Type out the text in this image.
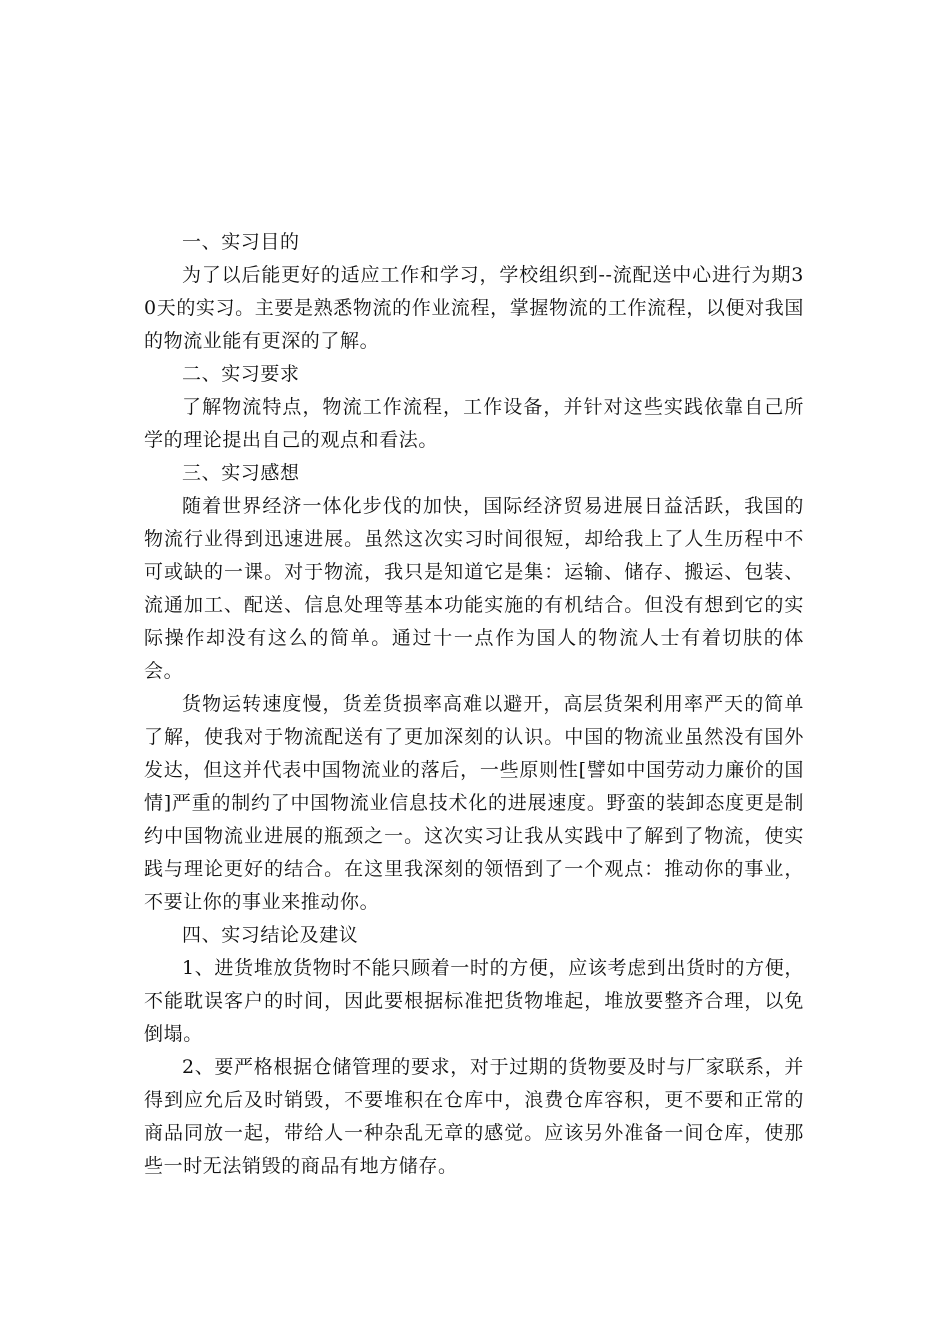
一、实习目的

为了以后能更好的适应工作和学习，学校组织到--流配送中心进行为期30天的实习。主要是熟悉物流的作业流程，掌握物流的工作流程，以便对我国的物流业能有更深的了解。

二、实习要求

了解物流特点，物流工作流程，工作设备，并针对这些实践依靠自己所学的理论提出自己的观点和看法。

三、实习感想

随着世界经济一体化步伐的加快，国际经济贸易进展日益活跃，我国的物流行业得到迅速进展。虽然这次实习时间很短，却给我上了人生历程中不可或缺的一课。对于物流，我只是知道它是集：运输、储存、搬运、包装、流通加工、配送、信息处理等基本功能实施的有机结合。但没有想到它的实际操作却没有这么的简单。通过十一点作为国人的物流人士有着切肤的体会。

货物运转速度慢，货差货损率高难以避开，高层货架利用率严天的简单了解，使我对于物流配送有了更加深刻的认识。中国的物流业虽然没有国外发达，但这并代表中国物流业的落后，一些原则性[譬如中国劳动力廉价的国情]严重的制约了中国物流业信息技术化的进展速度。野蛮的装卸态度更是制约中国物流业进展的瓶颈之一。这次实习让我从实践中了解到了物流，使实践与理论更好的结合。在这里我深刻的领悟到了一个观点：推动你的事业，不要让你的事业来推动你。

四、实习结论及建议

1、进货堆放货物时不能只顾着一时的方便，应该考虑到出货时的方便，不能耽误客户的时间，因此要根据标准把货物堆起，堆放要整齐合理，以免倒塌。

2、要严格根据仓储管理的要求，对于过期的货物要及时与厂家联系，并得到应允后及时销毁，不要堆积在仓库中，浪费仓库容积，更不要和正常的商品同放一起，带给人一种杂乱无章的感觉。应该另外准备一间仓库，使那些一时无法销毁的商品有地方储存。
